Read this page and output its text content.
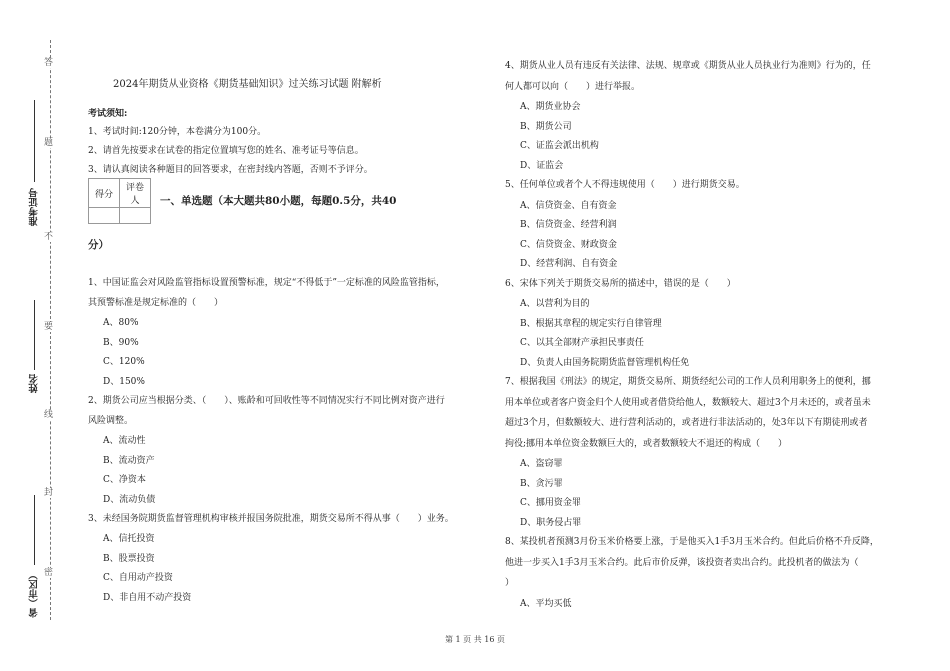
答
题
不
要
线
封
密
准考证号
姓名
省（市区）
2024年期货从业资格《期货基础知识》过关练习试题 附解析
考试须知:
1、考试时间:120分钟，本卷满分为100分。
2、请首先按要求在试卷的指定位置填写您的姓名、准考证号等信息。
3、请认真阅读各种题目的回答要求，在密封线内答题，否则不予评分。
一、单选题（本大题共80小题，每题0.5分，共40
分）
得分	评卷人

1、中国证监会对风险监管指标设置预警标准，规定“不得低于”一定标准的风险监管指标，
其预警标准是规定标准的（　　）
A、80%
B、90%
C、120%
D、150%
2、期货公司应当根据分类、（　　）、账龄和可回收性等不同情况实行不同比例对资产进行
风险调整。
A、流动性
B、流动资产
C、净资本
D、流动负债
3、未经国务院期货监督管理机构审核并报国务院批准，期货交易所不得从事（　　）业务。
A、信托投资
B、股票投资
C、自用动产投资
D、非自用不动产投资
4、期货从业人员有违反有关法律、法规、规章或《期货从业人员执业行为准则》行为的，任
何人都可以向（　　）进行举报。
A、期货业协会
B、期货公司
C、证监会派出机构
D、证监会
5、任何单位或者个人不得违规使用（　　）进行期货交易。
A、信贷资金、自有资金
B、信贷资金、经营利润
C、信贷资金、财政资金
D、经营利润、自有资金
6、宋体下列关于期货交易所的描述中，错误的是（　　）
A、以营利为目的
B、根据其章程的规定实行自律管理
C、以其全部财产承担民事责任
D、负责人由国务院期货监督管理机构任免
7、根据我国《刑法》的规定，期货交易所、期货经纪公司的工作人员利用职务上的便利，挪
用本单位或者客户资金归个人使用或者借贷给他人，数额较大、超过3个月未还的，或者虽未
超过3个月，但数额较大、进行营利活动的，或者进行非法活动的，处3年以下有期徒刑或者
拘役;挪用本单位资金数额巨大的，或者数额较大不退还的构成（　　）
A、盗窃罪
B、贪污罪
C、挪用资金罪
D、职务侵占罪
8、某投机者预测3月份玉米价格要上涨，于是他买入1手3月玉米合约。但此后价格不升反降，
他进一步买入1手3月玉米合约。此后市价反弹，该投资者卖出合约。此投机者的做法为（
）
A、平均买低
第 1 页 共 16 页
